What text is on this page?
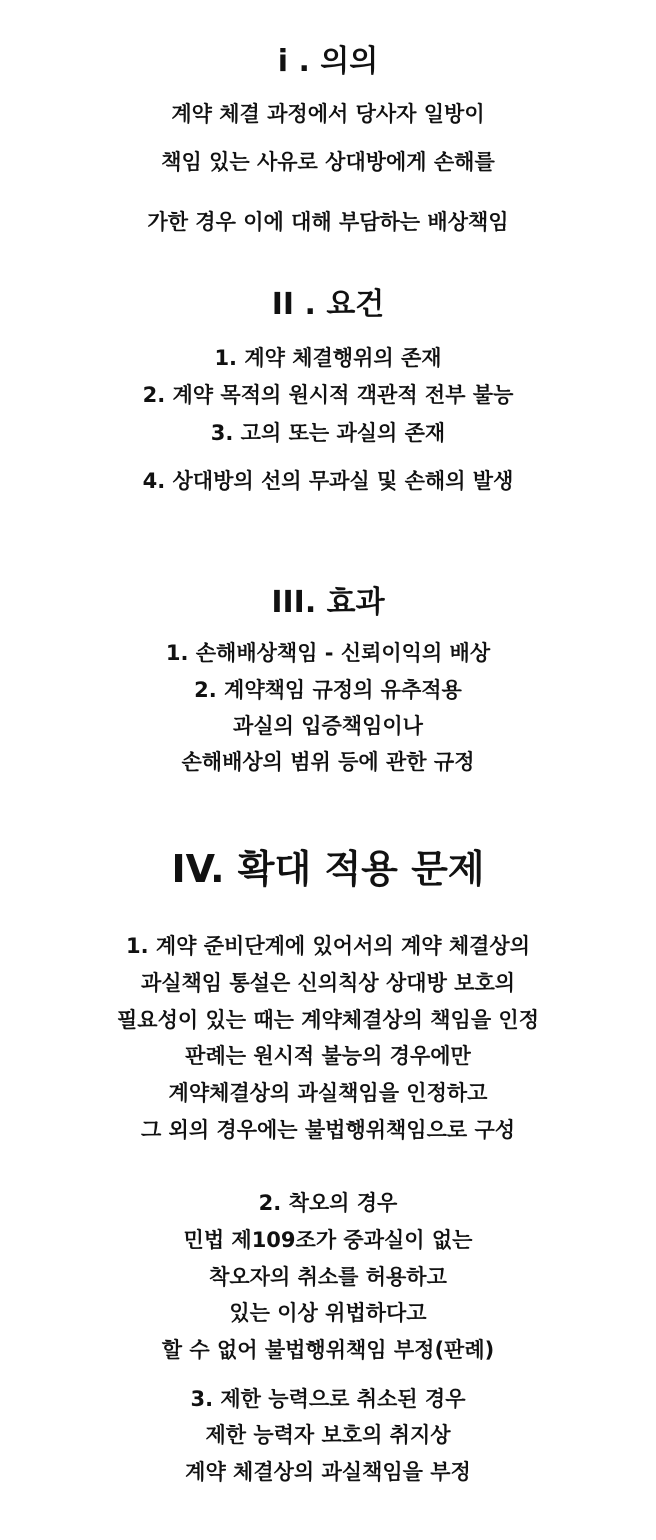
i . 의의
계약 체결 과정에서 당사자 일방이
책임 있는 사유로 상대방에게 손해를
가한 경우 이에 대해 부담하는 배상책임
II . 요건
1. 계약 체결행위의 존재
2. 계약 목적의 원시적 객관적 전부 불능
3. 고의 또는 과실의 존재
4. 상대방의 선의 무과실 및 손해의 발생
III. 효과
1. 손해배상책임 - 신뢰이익의 배상
2. 계약책임 규정의 유추적용
과실의 입증책임이나
손해배상의 범위 등에 관한 규정
IV. 확대 적용 문제
1. 계약 준비단계에 있어서의 계약 체결상의
과실책임 통설은 신의칙상 상대방 보호의
필요성이 있는 때는 계약체결상의 책임을 인정
판례는 원시적 불능의 경우에만
계약체결상의 과실책임을 인정하고
그 외의 경우에는 불법행위책임으로 구성
2. 착오의 경우
민법 제109조가 중과실이 없는
착오자의 취소를 허용하고
있는 이상 위법하다고
할 수 없어 불법행위책임 부정(판례)
3. 제한 능력으로 취소된 경우
제한 능력자 보호의 취지상
계약 체결상의 과실책임을 부정
